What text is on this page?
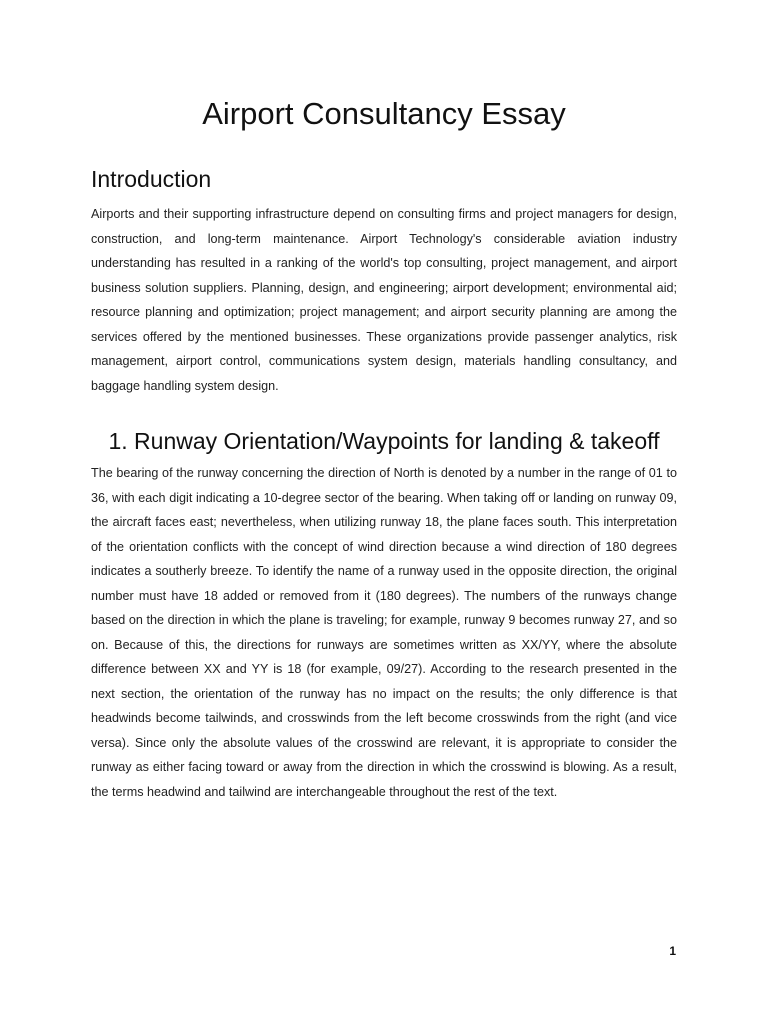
Airport Consultancy Essay
Introduction

Airports and their supporting infrastructure depend on consulting firms and project managers for design, construction, and long-term maintenance. Airport Technology's considerable aviation industry understanding has resulted in a ranking of the world's top consulting, project management, and airport business solution suppliers. Planning, design, and engineering; airport development; environmental aid; resource planning and optimization; project management; and airport security planning are among the services offered by the mentioned businesses. These organizations provide passenger analytics, risk management, airport control, communications system design, materials handling consultancy, and baggage handling system design.

1. Runway Orientation/Waypoints for landing & takeoff

The bearing of the runway concerning the direction of North is denoted by a number in the range of 01 to 36, with each digit indicating a 10-degree sector of the bearing. When taking off or landing on runway 09, the aircraft faces east; nevertheless, when utilizing runway 18, the plane faces south. This interpretation of the orientation conflicts with the concept of wind direction because a wind direction of 180 degrees indicates a southerly breeze. To identify the name of a runway used in the opposite direction, the original number must have 18 added or removed from it (180 degrees). The numbers of the runways change based on the direction in which the plane is traveling; for example, runway 9 becomes runway 27, and so on. Because of this, the directions for runways are sometimes written as XX/YY, where the absolute difference between XX and YY is 18 (for example, 09/27). According to the research presented in the next section, the orientation of the runway has no impact on the results; the only difference is that headwinds become tailwinds, and crosswinds from the left become crosswinds from the right (and vice versa). Since only the absolute values of the crosswind are relevant, it is appropriate to consider the runway as either facing toward or away from the direction in which the crosswind is blowing. As a result, the terms headwind and tailwind are interchangeable throughout the rest of the text.

1
